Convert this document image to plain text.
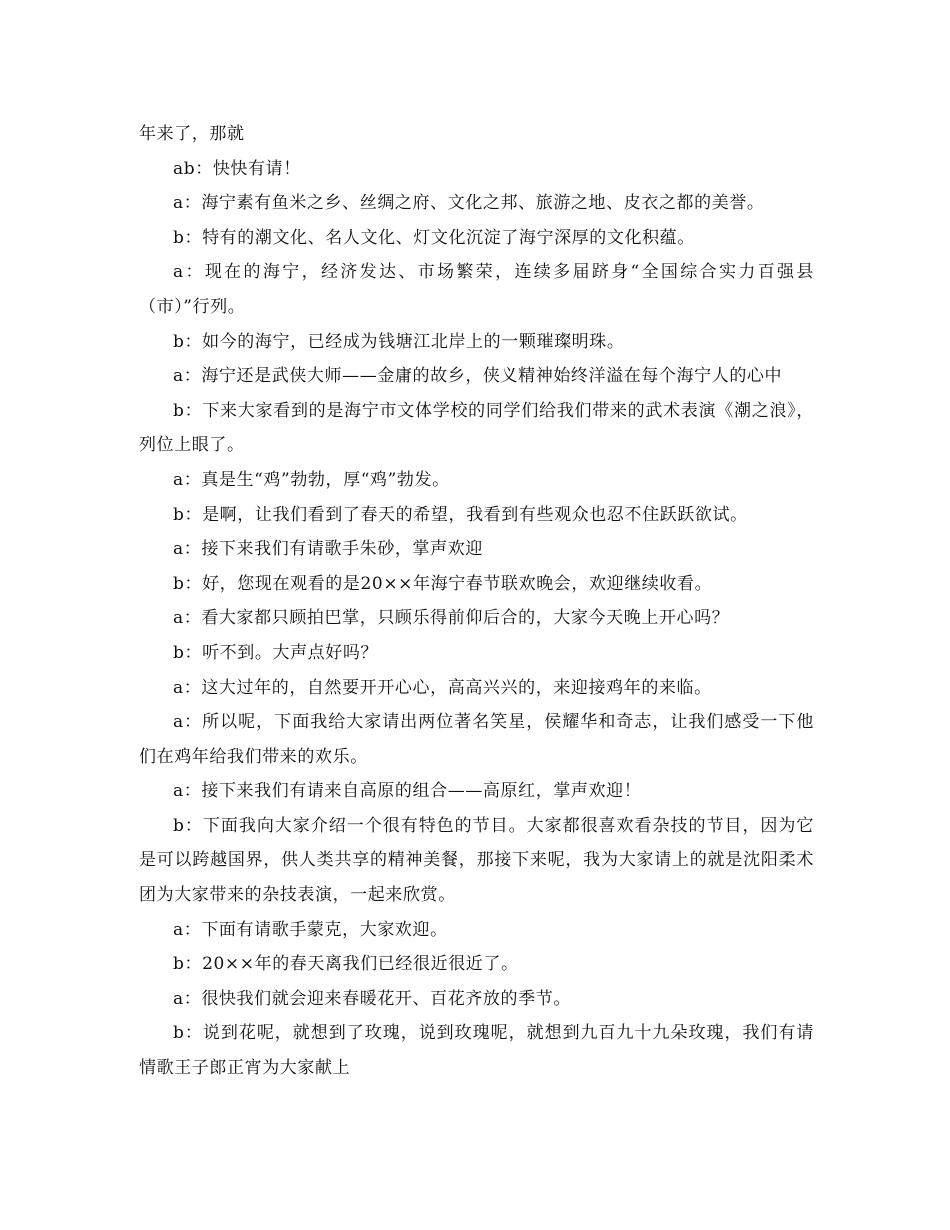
年来了，那就

ab：快快有请！

a：海宁素有鱼米之乡、丝绸之府、文化之邦、旅游之地、皮衣之都的美誉。

b：特有的潮文化、名人文化、灯文化沉淀了海宁深厚的文化积蕴。

a：现在的海宁，经济发达、市场繁荣，连续多届跻身“全国综合实力百强县（市）”行列。

b：如今的海宁，已经成为钱塘江北岸上的一颗璀璨明珠。

a：海宁还是武侠大师——金庸的故乡，侠义精神始终洋溢在每个海宁人的心中

b：下来大家看到的是海宁市文体学校的同学们给我们带来的武术表演《潮之浪》，列位上眼了。

a：真是生“鸡”勃勃，厚“鸡”勃发。

b：是啊，让我们看到了春天的希望，我看到有些观众也忍不住跃跃欲试。

a：接下来我们有请歌手朱砂，掌声欢迎

b：好，您现在观看的是20××年海宁春节联欢晚会，欢迎继续收看。

a：看大家都只顾拍巴掌，只顾乐得前仰后合的，大家今天晚上开心吗？

b：听不到。大声点好吗？

a：这大过年的，自然要开开心心，高高兴兴的，来迎接鸡年的来临。

a：所以呢，下面我给大家请出两位著名笑星，侯耀华和奇志，让我们感受一下他们在鸡年给我们带来的欢乐。

a：接下来我们有请来自高原的组合——高原红，掌声欢迎！

b：下面我向大家介绍一个很有特色的节目。大家都很喜欢看杂技的节目，因为它是可以跨越国界，供人类共享的精神美餐，那接下来呢，我为大家请上的就是沈阳柔术团为大家带来的杂技表演，一起来欣赏。

a：下面有请歌手蒙克，大家欢迎。

b：20××年的春天离我们已经很近很近了。

a：很快我们就会迎来春暖花开、百花齐放的季节。

b：说到花呢，就想到了玫瑰，说到玫瑰呢，就想到九百九十九朵玫瑰，我们有请情歌王子郎正宵为大家献上
